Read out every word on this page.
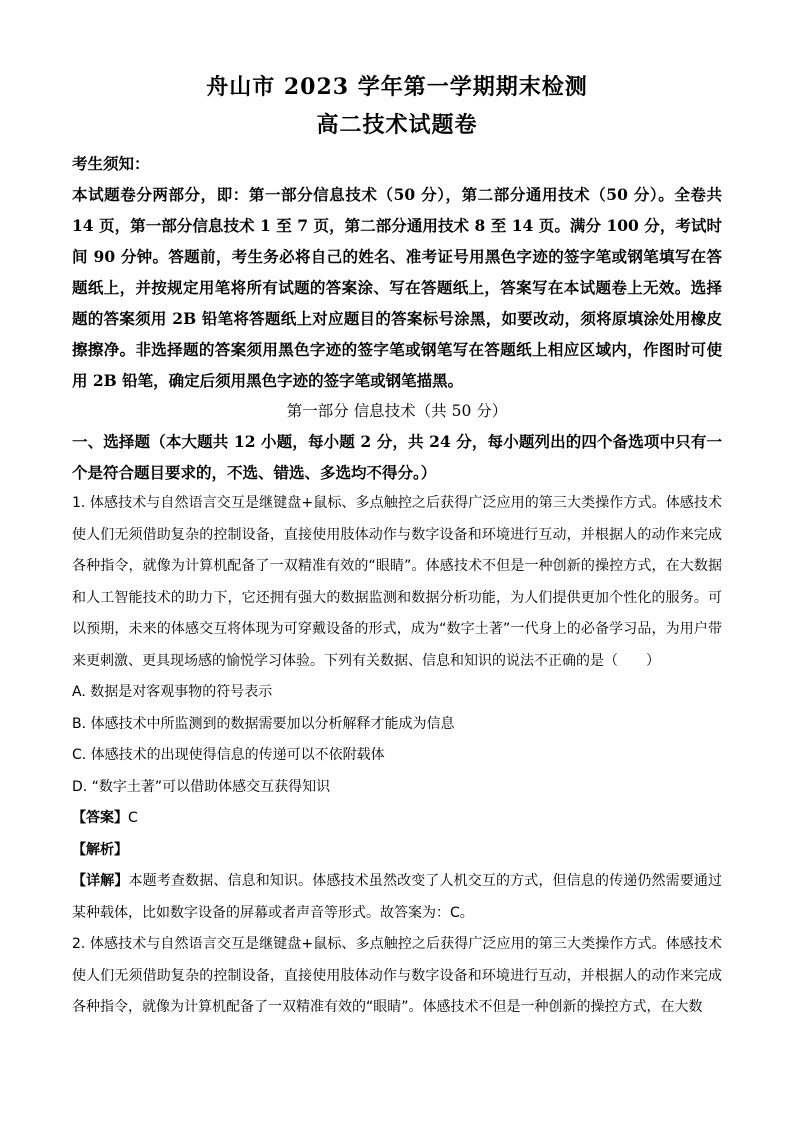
舟山市 2023 学年第一学期期末检测
高二技术试题卷

考生须知：

本试题卷分两部分，即：第一部分信息技术（50 分），第二部分通用技术（50 分）。全卷共 14 页，第一部分信息技术 1 至 7 页，第二部分通用技术 8 至 14 页。满分 100 分，考试时间 90 分钟。答题前，考生务必将自己的姓名、准考证号用黑色字迹的签字笔或钢笔填写在答题纸上，并按规定用笔将所有试题的答案涂、写在答题纸上，答案写在本试题卷上无效。选择题的答案须用 2B 铅笔将答题纸上对应题目的答案标号涂黑，如要改动，须将原填涂处用橡皮擦擦净。非选择题的答案须用黑色字迹的签字笔或钢笔写在答题纸上相应区域内，作图时可使用 2B 铅笔，确定后须用黑色字迹的签字笔或钢笔描黑。

第一部分 信息技术（共 50 分）

一、选择题（本大题共 12 小题，每小题 2 分，共 24 分，每小题列出的四个备选项中只有一个是符合题目要求的，不选、错选、多选均不得分。）

1. 体感技术与自然语言交互是继键盘+鼠标、多点触控之后获得广泛应用的第三大类操作方式。体感技术使人们无须借助复杂的控制设备，直接使用肢体动作与数字设备和环境进行互动，并根据人的动作来完成各种指令，就像为计算机配备了一双精准有效的“眼睛”。体感技术不但是一种创新的操控方式，在大数据和人工智能技术的助力下，它还拥有强大的数据监测和数据分析功能，为人们提供更加个性化的服务。可以预期，未来的体感交互将体现为可穿戴设备的形式，成为“数字土著”一代身上的必备学习品，为用户带来更刺激、更具现场感的愉悦学习体验。下列有关数据、信息和知识的说法不正确的是（　　）

A. 数据是对客观事物的符号表示

B. 体感技术中所监测到的数据需要加以分析解释才能成为信息

C. 体感技术的出现使得信息的传递可以不依附载体

D. “数字土著”可以借助体感交互获得知识

【答案】C

【解析】

【详解】本题考查数据、信息和知识。体感技术虽然改变了人机交互的方式，但信息的传递仍然需要通过某种载体，比如数字设备的屏幕或者声音等形式。故答案为：C。

2. 体感技术与自然语言交互是继键盘+鼠标、多点触控之后获得广泛应用的第三大类操作方式。体感技术使人们无须借助复杂的控制设备，直接使用肢体动作与数字设备和环境进行互动，并根据人的动作来完成各种指令，就像为计算机配备了一双精准有效的“眼睛”。体感技术不但是一种创新的操控方式，在大数
